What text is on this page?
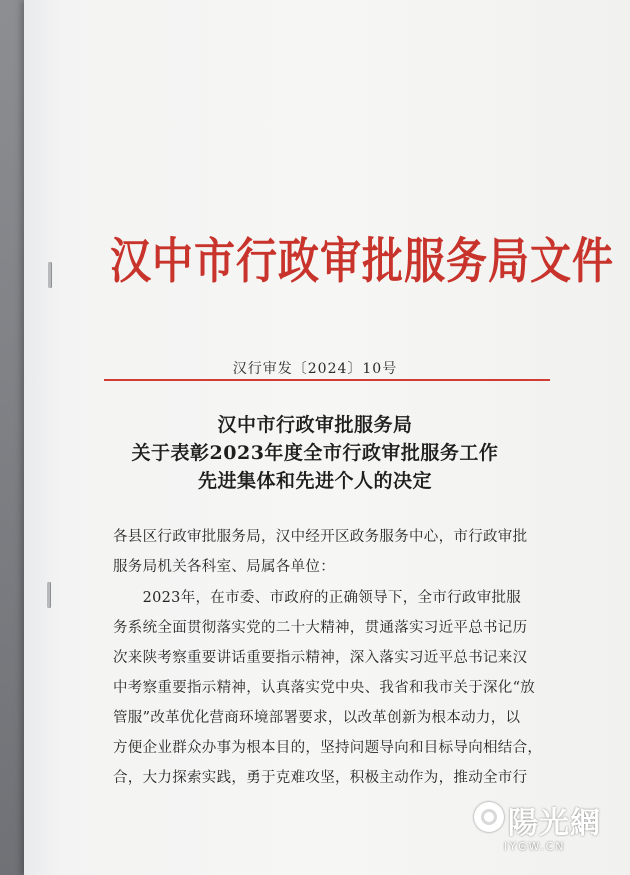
汉中市行政审批服务局文件
汉行审发〔2024〕10号
汉中市行政审批服务局
关于表彰2023年度全市行政审批服务工作
先进集体和先进个人的决定
各县区行政审批服务局，汉中经开区政务服务中心，市行政审批
服务局机关各科室、局属各单位：
　　2023年，在市委、市政府的正确领导下，全市行政审批服
务系统全面贯彻落实党的二十大精神，贯通落实习近平总书记历
次来陕考察重要讲话重要指示精神，深入落实习近平总书记来汉
中考察重要指示精神，认真落实党中央、我省和我市关于深化“放
管服”改革优化营商环境部署要求，以改革创新为根本动力，以
方便企业群众办事为根本目的，坚持问题导向和目标导向相结合，
合，大力探索实践，勇于克难攻坚，积极主动作为，推动全市行
陽光網
IYGW.CN
